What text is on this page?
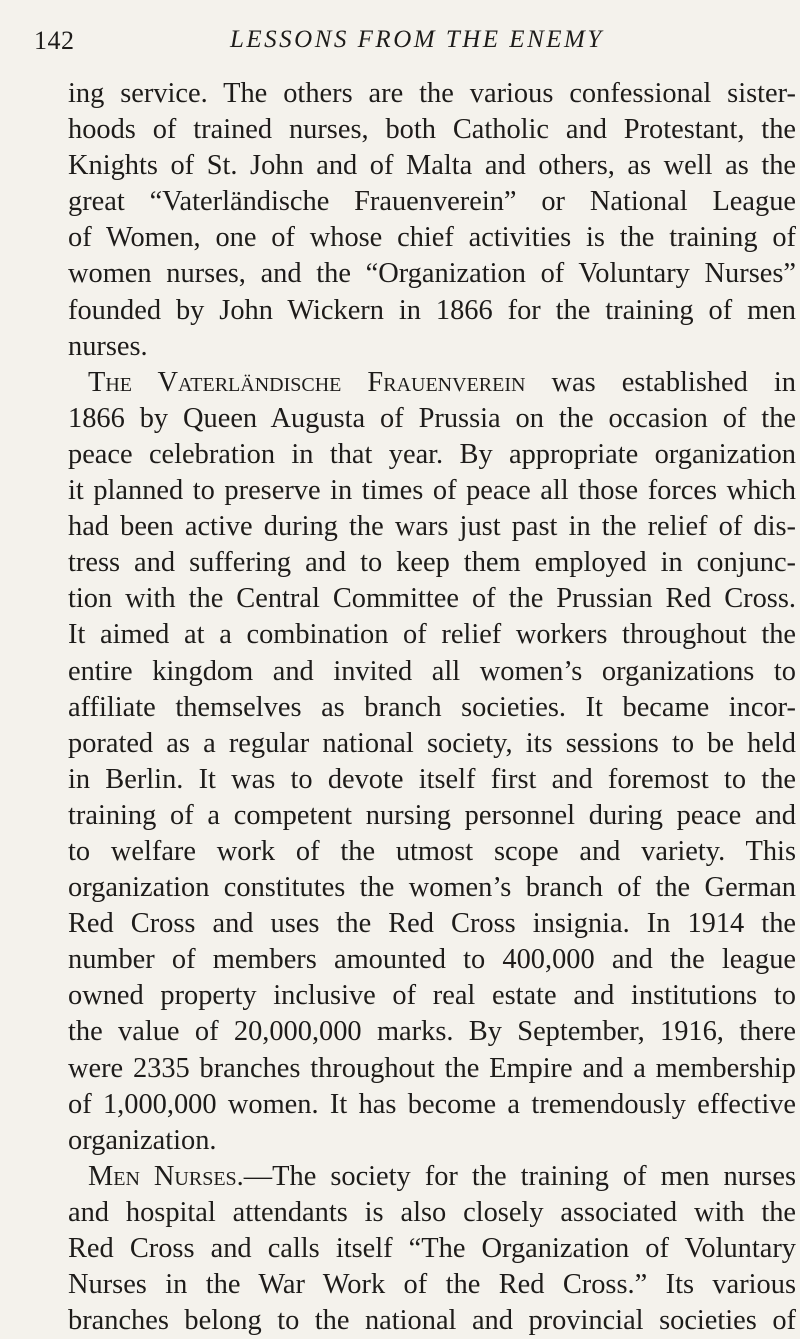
142	LESSONS FROM THE ENEMY
ing service. The others are the various confessional sister-
hoods of trained nurses, both Catholic and Protestant, the
Knights of St. John and of Malta and others, as well as the
great “Vaterländische Frauenverein” or National League
of Women, one of whose chief activities is the training of
women nurses, and the “Organization of Voluntary Nurses”
founded by John Wickern in 1866 for the training of men
nurses.
The Vaterländische Frauenverein was established in
1866 by Queen Augusta of Prussia on the occasion of the
peace celebration in that year. By appropriate organization
it planned to preserve in times of peace all those forces which
had been active during the wars just past in the relief of dis-
tress and suffering and to keep them employed in conjunc-
tion with the Central Committee of the Prussian Red Cross.
It aimed at a combination of relief workers throughout the
entire kingdom and invited all women’s organizations to
affiliate themselves as branch societies. It became incor-
porated as a regular national society, its sessions to be held
in Berlin. It was to devote itself first and foremost to the
training of a competent nursing personnel during peace and
to welfare work of the utmost scope and variety. This
organization constitutes the women’s branch of the German
Red Cross and uses the Red Cross insignia. In 1914 the
number of members amounted to 400,000 and the league
owned property inclusive of real estate and institutions to
the value of 20,000,000 marks. By September, 1916, there
were 2335 branches throughout the Empire and a membership
of 1,000,000 women. It has become a tremendously effective
organization.
Men Nurses.—The society for the training of men nurses
and hospital attendants is also closely associated with the
Red Cross and calls itself “The Organization of Voluntary
Nurses in the War Work of the Red Cross.” Its various
branches belong to the national and provincial societies of
